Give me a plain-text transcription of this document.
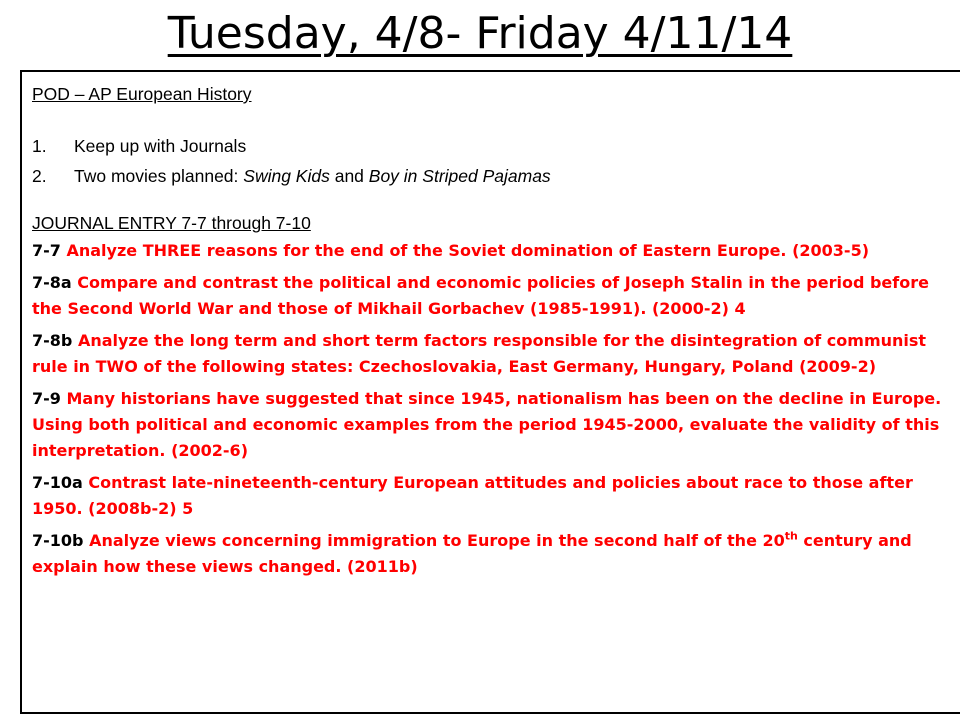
Tuesday, 4/8- Friday 4/11/14
POD – AP European History
1.	Keep up with Journals
2.	Two movies planned: Swing Kids and Boy in Striped Pajamas
JOURNAL ENTRY 7-7 through 7-10
7-7 Analyze THREE reasons for the end of the Soviet domination of Eastern Europe. (2003-5)
7-8a Compare and contrast the political and economic policies of Joseph Stalin in the period before the Second World War and those of Mikhail Gorbachev (1985-1991). (2000-2) 4
7-8b Analyze the long term and short term factors responsible for the disintegration of communist rule in TWO of the following states: Czechoslovakia, East Germany, Hungary, Poland (2009-2)
7-9 Many historians have suggested that since 1945, nationalism has been on the decline in Europe. Using both political and economic examples from the period 1945-2000, evaluate the validity of this interpretation. (2002-6)
7-10a Contrast late-nineteenth-century European attitudes and policies about race to those after 1950. (2008b-2) 5
7-10b Analyze views concerning immigration to Europe in the second half of the 20th century and explain how these views changed. (2011b)
